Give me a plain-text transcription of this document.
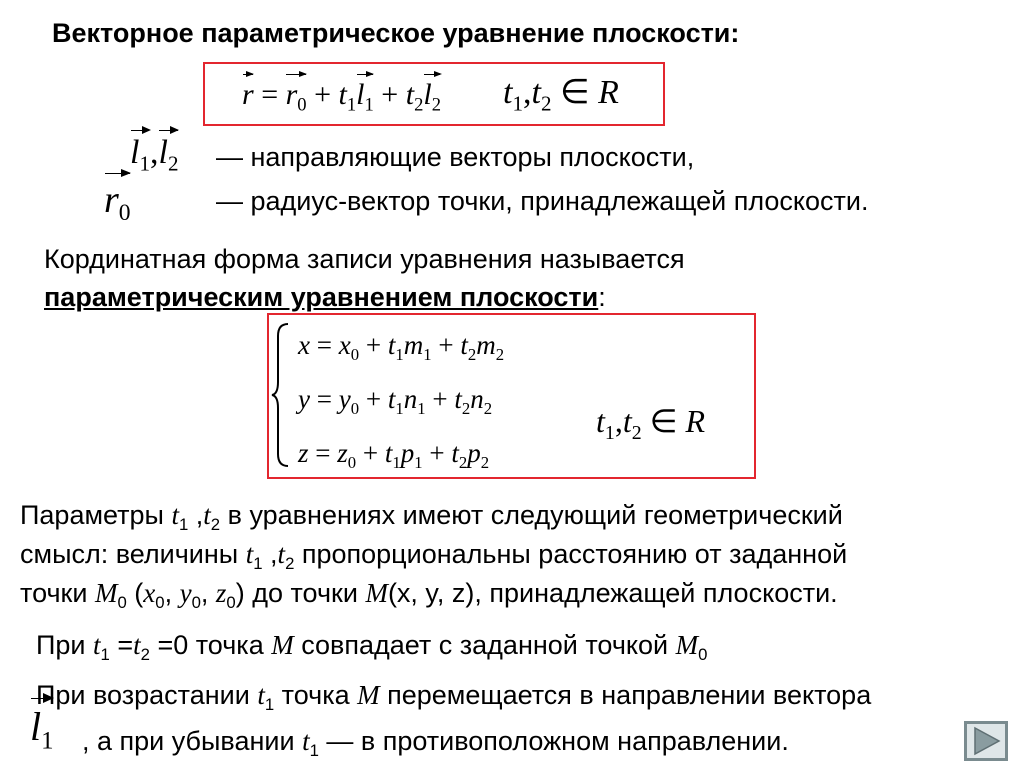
Векторное параметрическое уравнение плоскости:
$r = r_0 + t_1l_1 + t_2l_2$ $t_1,t_2$ ∈ R
$l_1,l_2$ — направляющие векторы плоскости,
$r_0$	— радиус-вектор точки, принадлежащей плоскости.
Кординатная форма записи уравнения называется
параметрическим уравнением плоскости:
$x = x_0 + t_1m_1 + t_2m_2$
$y = y_0 + t_1n_1 + t_2n_2$
$z = z_0 + t_1p_1 + t_2p_2$
$t_1,t_2$ ∈ R
Параметры $t_1$ $,t_2$ в уравнениях имеют следующий геометрический
смысл: величины $t_1$ $,t_2$ пропорциональны расстоянию от заданной
точки $M_0$ ($x_0$, $y_0$, $z_0$) до точки M(x, y, z), принадлежащей плоскости.
При $t_1 =t_2 =0$ точка M совпадает с заданной точкой $M_0$
При возрастании $t_1$ точка M перемещается в направлении вектора
$l_1$ , а при убывании $t_1$ — в противоположном направлении.
